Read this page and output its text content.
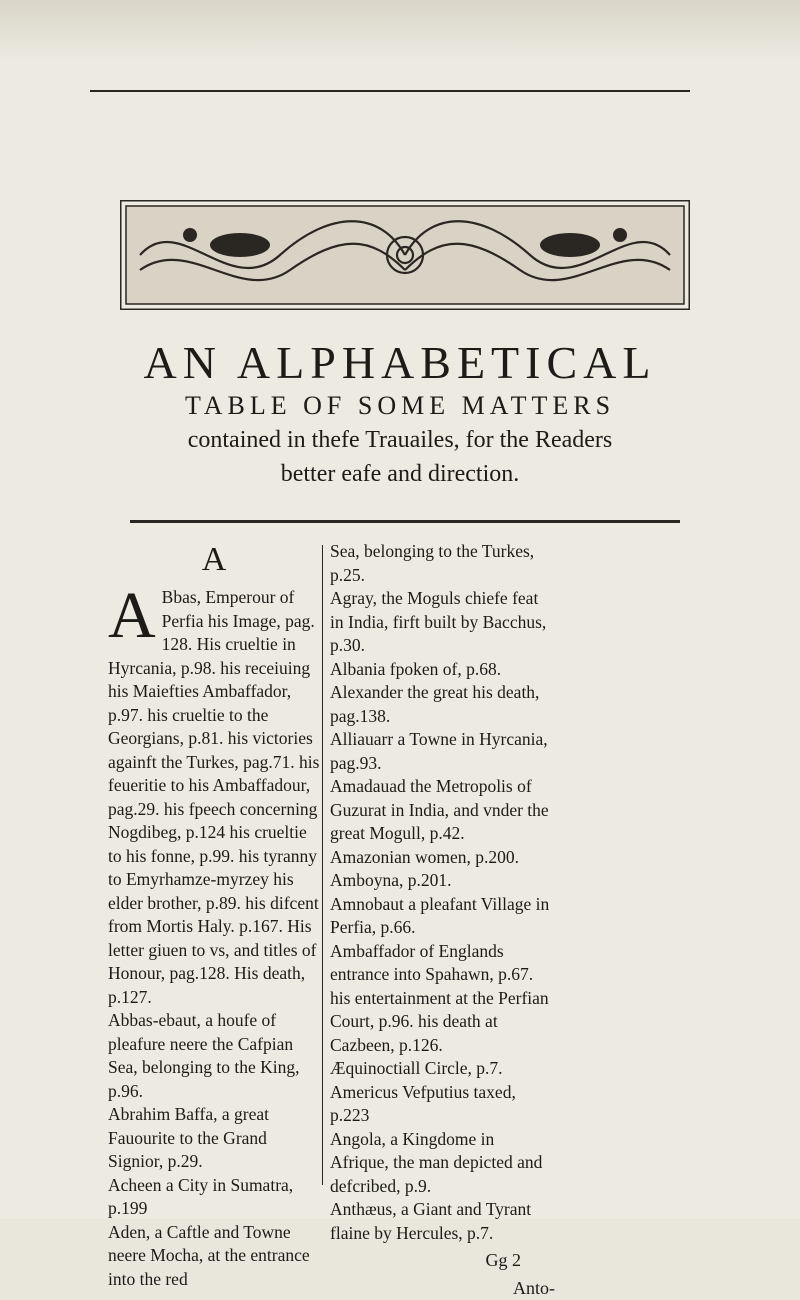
AN ALPHABETICAL

TABLE OF SOME MATTERS

contained in thefe Trauailes, for the Readers

better eafe and direction.

A

A Bbas, Emperour of Perfia his Image, pag. 128. His crueltie in Hyrcania, p.98. his receiuing his Maiefties Ambaffador, p.97. his crueltie to the Georgians, p.81. his victories againft the Turkes, pag.71. his feueritie to his Ambaffadour, pag.29. his fpeech concerning Nogdibeg, p.124 his crueltie to his fonne, p.99. his tyranny to Emyrhamze-myrzey his elder brother, p.89. his difcent from Mortis Haly. p.167. His letter giuen to vs, and titles of Honour, pag.128. His death, p.127.

Abbas-ebaut, a houfe of pleafure neere the Cafpian Sea, belonging to the King, p.96.

Abrahim Baffa, a great Fauourite to the Grand Signior, p.29.

Acheen a City in Sumatra, p.199

Aden, a Caftle and Towne neere Mocha, at the entrance into the red

Sea, belonging to the Turkes, p.25.

Agray, the Moguls chiefe feat in India, firft built by Bacchus, p.30.

Albania fpoken of, p.68.

Alexander the great his death, pag.138.

Alliauarr a Towne in Hyrcania, pag.93.

Amadauad the Metropolis of Guzurat in India, and vnder the great Mogull, p.42.

Amazonian women, p.200.

Amboyna, p.201.

Amnobaut a pleafant Village in Perfia, p.66.

Ambaffador of Englands entrance into Spahawn, p.67. his entertainment at the Perfian Court, p.96. his death at Cazbeen, p.126.

Æquinoctiall Circle, p.7.

Americus Vefputius taxed, p.223

Angola, a Kingdome in Afrique, the man depicted and defcribed, p.9.

Anthæus, a Giant and Tyrant flaine by Hercules, p.7.

Gg 2
Anto-
